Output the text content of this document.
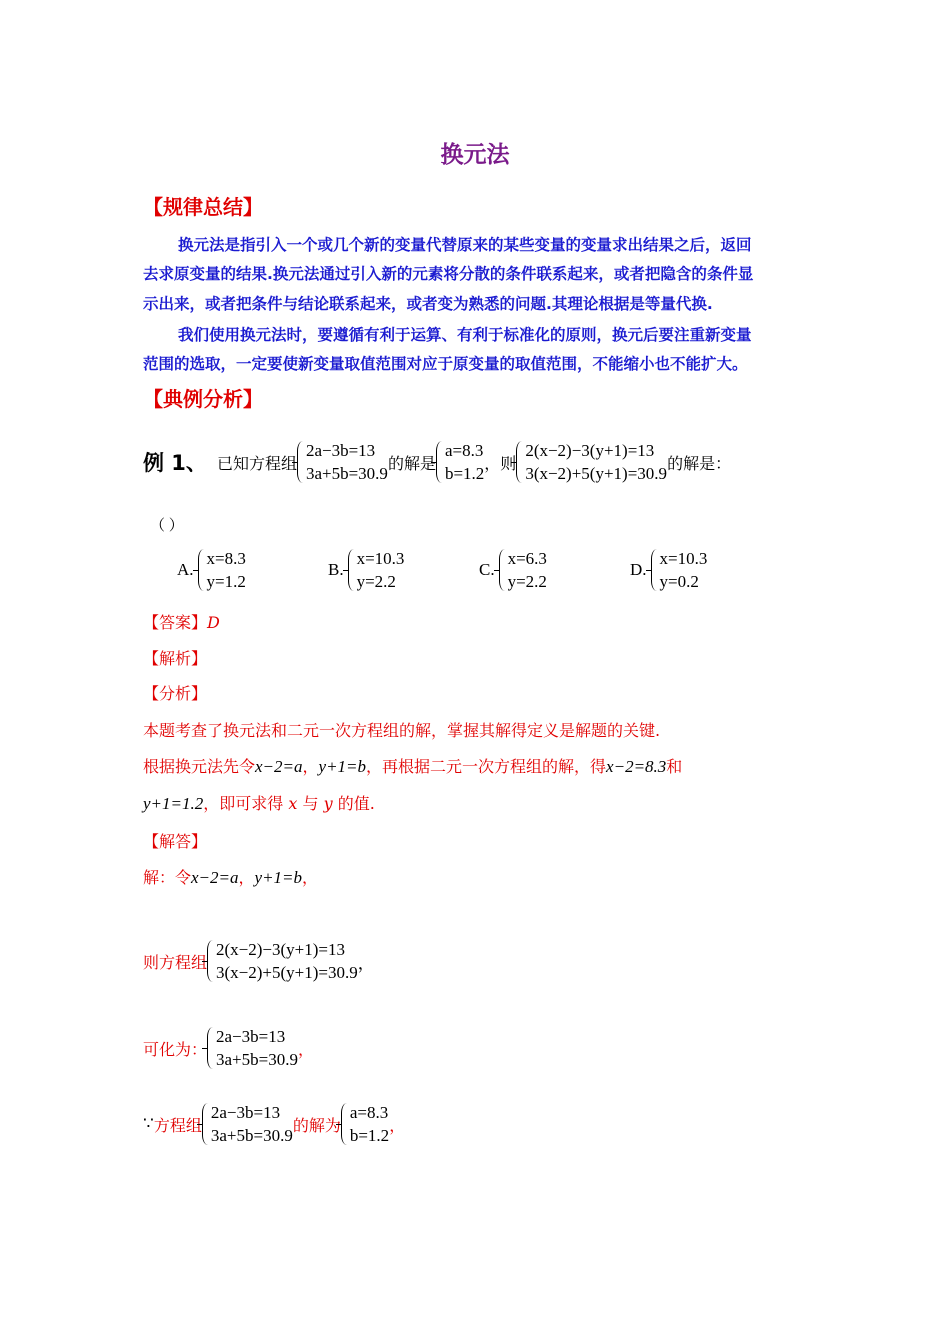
换元法
【规律总结】
换元法是指引入一个或几个新的变量代替原来的某些变量的变量求出结果之后，返回
去求原变量的结果.换元法通过引入新的元素将分散的条件联系起来，或者把隐含的条件显
示出来，或者把条件与结论联系起来，或者变为熟悉的问题.其理论根据是等量代换.
我们使用换元法时，要遵循有利于运算、有利于标准化的原则，换元后要注重新变量
范围的选取，一定要使新变量取值范围对应于原变量的取值范围，不能缩小也不能扩大。
【典例分析】
例 1、 已知方程组
2a−3b=13
3a+5b=30.9 的解是
a=8.3
b=1.2 ，则
2(x−2)−3(y+1)=13
3(x−2)+5(y+1)=30.9 的解是：
（ ）
A.
x=8.3
y=1.2
B.
x=10.3
y=2.2
C.
x=6.3
y=2.2
D.
x=10.3
y=0.2
【答案】D
【解析】
【分析】
本题考查了换元法和二元一次方程组的解，掌握其解得定义是解题的关键.
根据换元法先令x−2=a，y+1=b，再根据二元一次方程组的解，得x−2=8.3和
y+1=1.2，即可求得 x 与 y 的值.
【解答】
解：令x−2=a，y+1=b，
则方程组
2(x−2)−3(y+1)=13
3(x−2)+5(y+1)=30.9 ，
可化为：
2a−3b=13
3a+5b=30.9
，
∵ 方程组
2a−3b=13
3a+5b=30.9
的解为
a=8.3
b=1.2
，
